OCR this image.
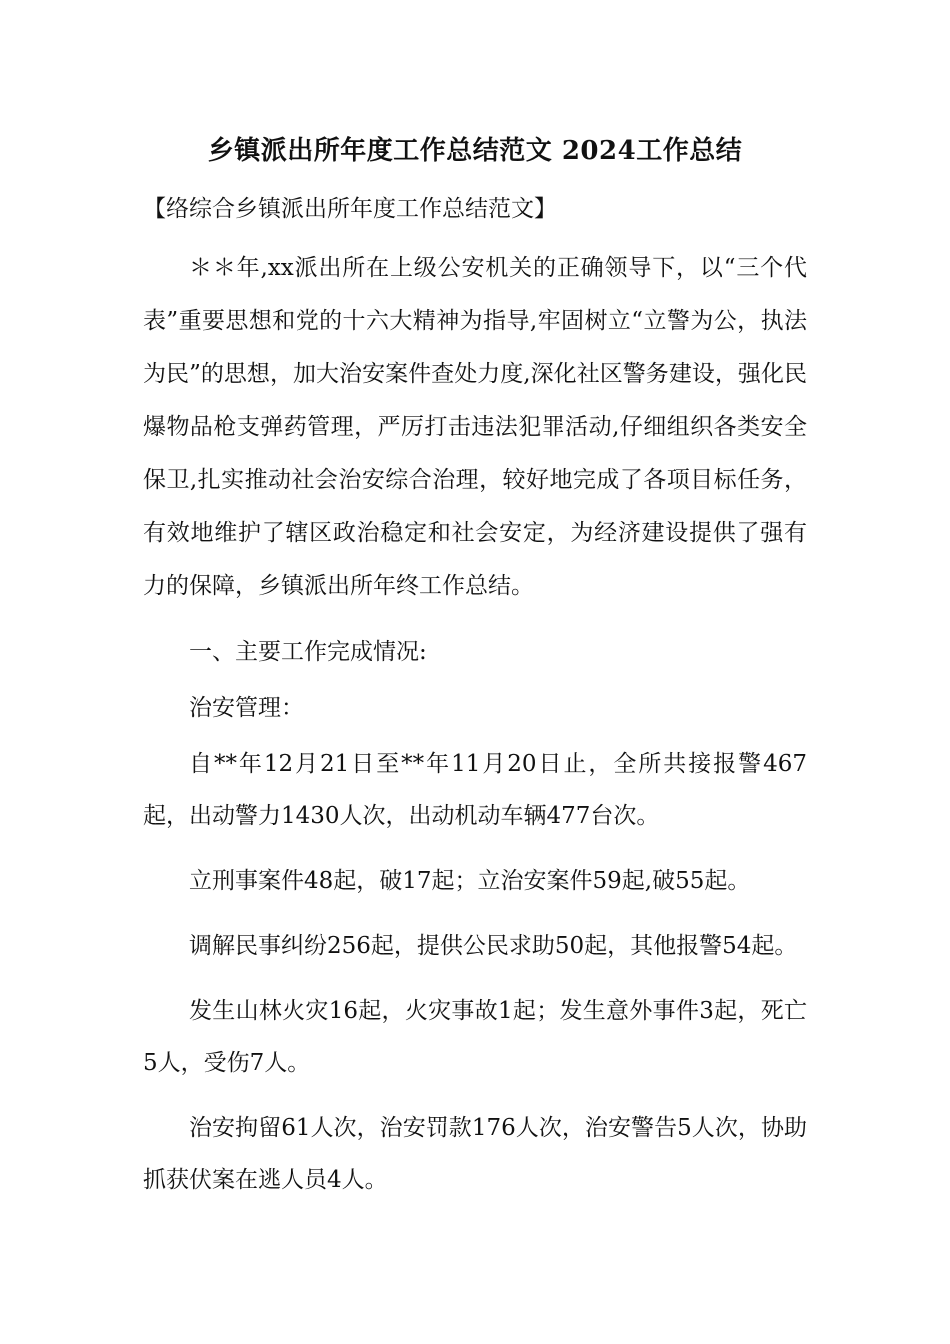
乡镇派出所年度工作总结范文 2024工作总结

【络综合乡镇派出所年度工作总结范文】

＊＊年,xx派出所在上级公安机关的正确领导下，以“三个代表”重要思想和党的十六大精神为指导,牢固树立“立警为公，执法为民”的思想，加大治安案件查处力度,深化社区警务建设，强化民爆物品枪支弹药管理，严厉打击违法犯罪活动,仔细组织各类安全保卫,扎实推动社会治安综合治理，较好地完成了各项目标任务，有效地维护了辖区政治稳定和社会安定，为经济建设提供了强有力的保障，乡镇派出所年终工作总结。

一、主要工作完成情况:

治安管理：

自**年12月21日至**年11月20日止，全所共接报警467起，出动警力1430人次，出动机动车辆477台次。

立刑事案件48起，破17起；立治安案件59起,破55起。

调解民事纠纷256起，提供公民求助50起，其他报警54起。

发生山林火灾16起，火灾事故1起；发生意外事件3起，死亡5人，受伤7人。

治安拘留61人次，治安罚款176人次，治安警告5人次，协助抓获伏案在逃人员4人。
